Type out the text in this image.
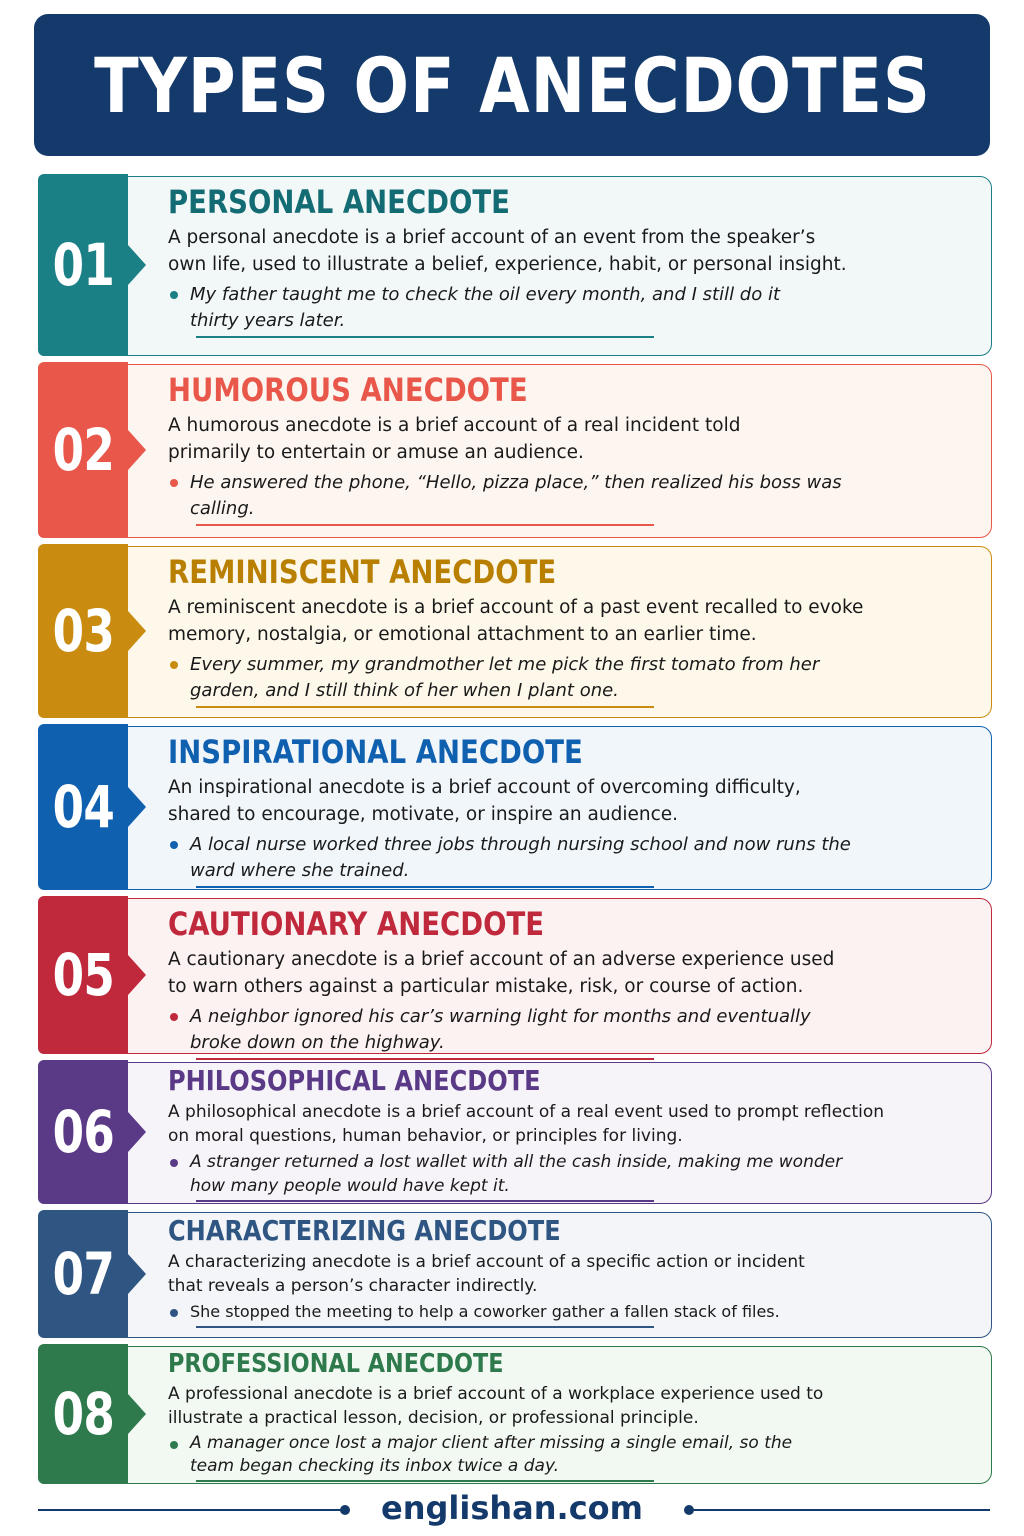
TYPES OF ANECDOTES
01
PERSONAL ANECDOTE
A personal anecdote is a brief account of an event from the speaker’s own life, used to illustrate a belief, experience, habit, or personal insight.
My father taught me to check the oil every month, and I still do it thirty years later.
02
HUMOROUS ANECDOTE
A humorous anecdote is a brief account of a real incident told primarily to entertain or amuse an audience.
He answered the phone, “Hello, pizza place,” then realized his boss was calling.
03
REMINISCENT ANECDOTE
A reminiscent anecdote is a brief account of a past event recalled to evoke memory, nostalgia, or emotional attachment to an earlier time.
Every summer, my grandmother let me pick the first tomato from her garden, and I still think of her when I plant one.
04
INSPIRATIONAL ANECDOTE
An inspirational anecdote is a brief account of overcoming difficulty, shared to encourage, motivate, or inspire an audience.
A local nurse worked three jobs through nursing school and now runs the ward where she trained.
05
CAUTIONARY ANECDOTE
A cautionary anecdote is a brief account of an adverse experience used to warn others against a particular mistake, risk, or course of action.
A neighbor ignored his car’s warning light for months and eventually broke down on the highway.
06
PHILOSOPHICAL ANECDOTE
A philosophical anecdote is a brief account of a real event used to prompt reflection on moral questions, human behavior, or principles for living.
A stranger returned a lost wallet with all the cash inside, making me wonder how many people would have kept it.
07
CHARACTERIZING ANECDOTE
A characterizing anecdote is a brief account of a specific action or incident that reveals a person’s character indirectly.
She stopped the meeting to help a coworker gather a fallen stack of files.
08
PROFESSIONAL ANECDOTE
A professional anecdote is a brief account of a workplace experience used to illustrate a practical lesson, decision, or professional principle.
A manager once lost a major client after missing a single email, so the team began checking its inbox twice a day.
englishan.com
